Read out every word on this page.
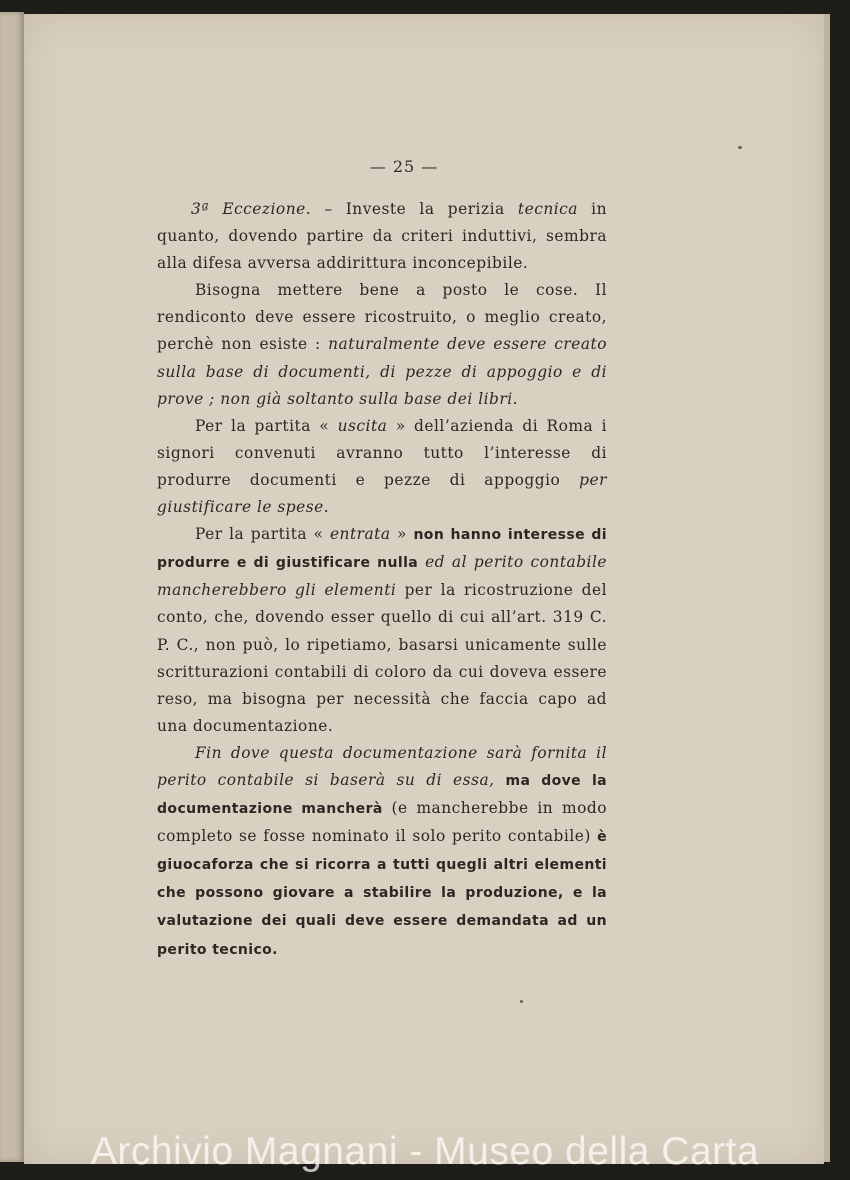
— 25 —

3ª Eccezione. – Investe la perizia tecnica in quanto, dovendo partire da criteri induttivi, sembra alla difesa avversa addirittura inconcepibile.

Bisogna mettere bene a posto le cose. Il rendiconto deve essere ricostruito, o meglio creato, perchè non esiste : naturalmente deve essere creato sulla base di documenti, di pezze di appoggio e di prove ; non già soltanto sulla base dei libri.

Per la partita « uscita » dell’azienda di Roma i signori convenuti avranno tutto l’interesse di produrre documenti e pezze di appoggio per giustificare le spese.

Per la partita « entrata » non hanno interesse di produrre e di giustificare nulla ed al perito contabile mancherebbero gli elementi per la ricostruzione del conto, che, dovendo esser quello di cui all’art. 319 C. P. C., non può, lo ripetiamo, basarsi unicamente sulle scritturazioni contabili di coloro da cui doveva essere reso, ma bisogna per necessità che faccia capo ad una documentazione.

Fin dove questa documentazione sarà fornita il perito contabile si baserà su di essa, ma dove la documentazione mancherà (e mancherebbe in modo completo se fosse nominato il solo perito contabile) è giuocaforza che si ricorra a tutti quegli altri elementi che possono giovare a stabilire la produzione, e la valutazione dei quali deve essere demandata ad un perito tecnico.

Archivio Magnani - Museo della Carta
